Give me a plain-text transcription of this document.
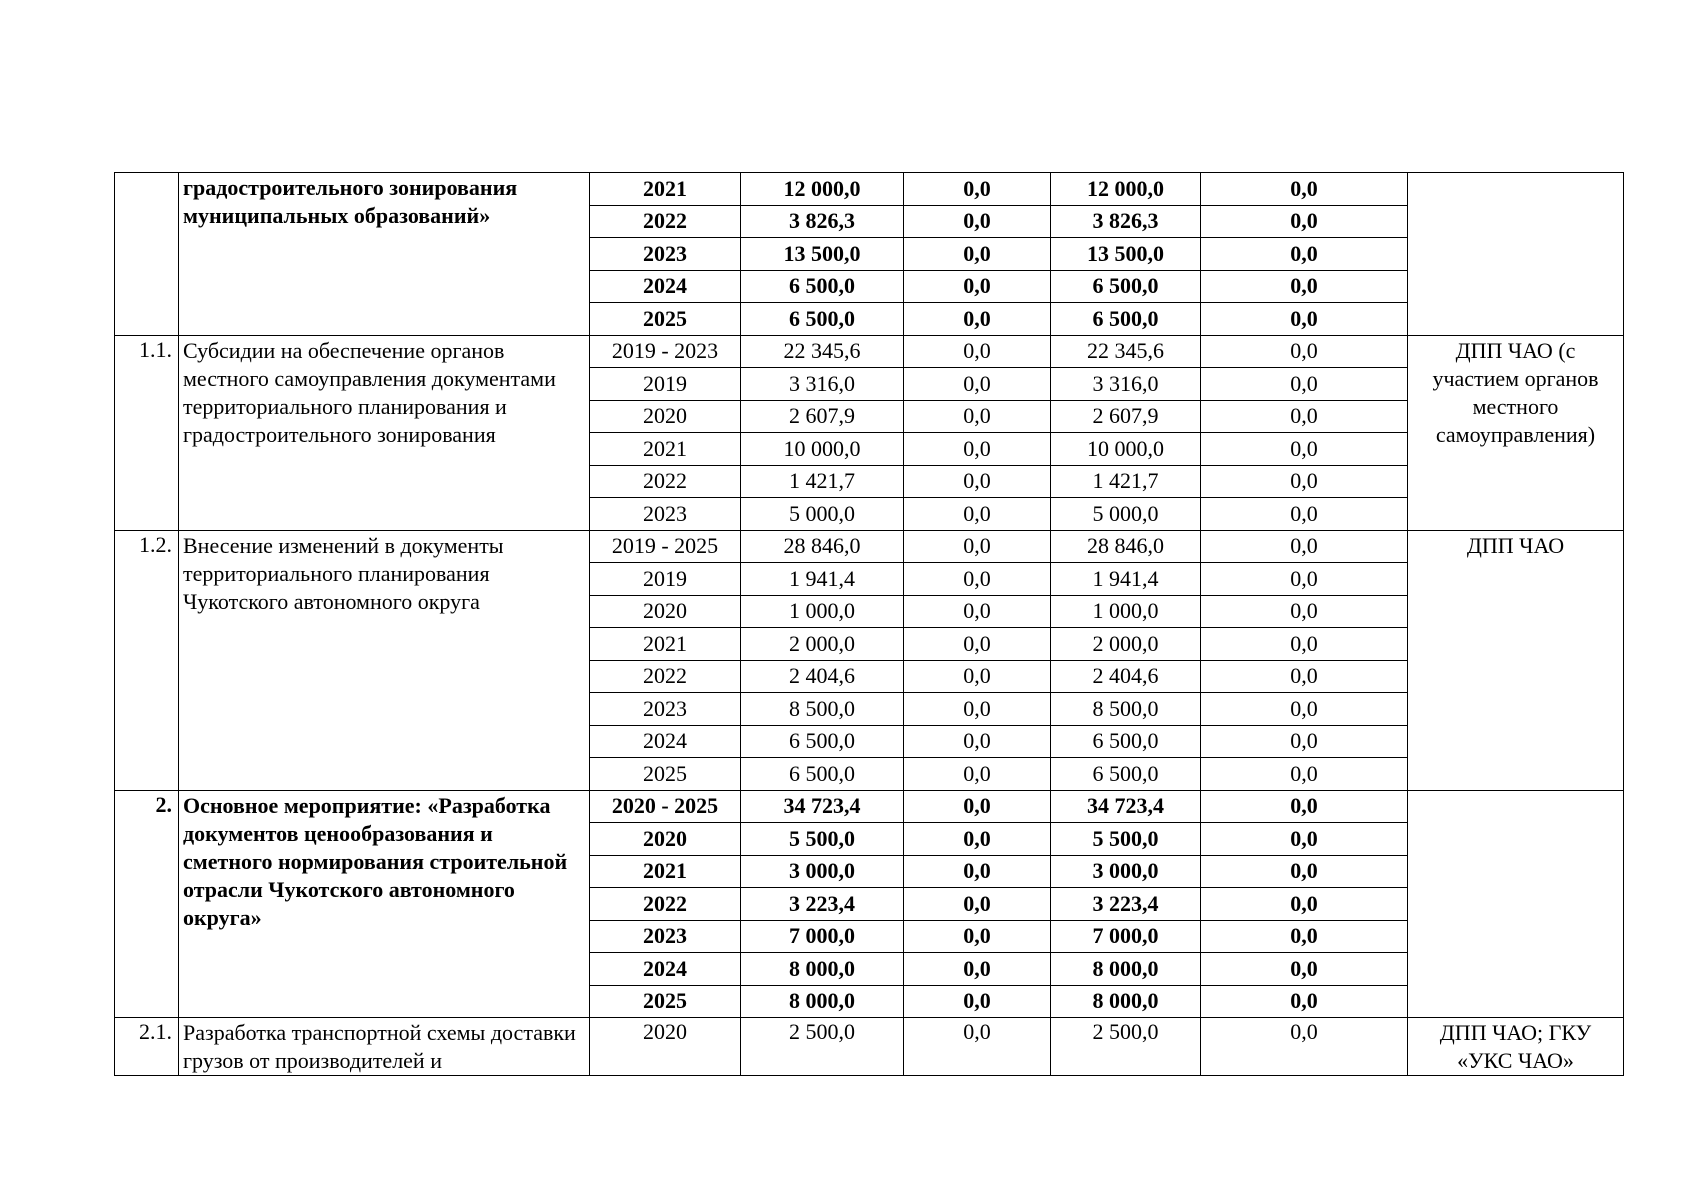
	градостроительного зонирования муниципальных образований»	2021	12 000,0	0,0	12 000,0	0,0	
		2022	3 826,3	0,0	3 826,3	0,0	
		2023	13 500,0	0,0	13 500,0	0,0	
		2024	6 500,0	0,0	6 500,0	0,0	
		2025	6 500,0	0,0	6 500,0	0,0	
1.1.	Субсидии на обеспечение органов местного самоуправления документами территориального планирования и градостроительного зонирования	2019 - 2023	22 345,6	0,0	22 345,6	0,0	ДПП ЧАО (с участием органов местного самоуправления)
		2019	3 316,0	0,0	3 316,0	0,0	
		2020	2 607,9	0,0	2 607,9	0,0	
		2021	10 000,0	0,0	10 000,0	0,0	
		2022	1 421,7	0,0	1 421,7	0,0	
		2023	5 000,0	0,0	5 000,0	0,0	
1.2.	Внесение изменений в документы территориального планирования Чукотского автономного округа	2019 - 2025	28 846,0	0,0	28 846,0	0,0	ДПП ЧАО
		2019	1 941,4	0,0	1 941,4	0,0	
		2020	1 000,0	0,0	1 000,0	0,0	
		2021	2 000,0	0,0	2 000,0	0,0	
		2022	2 404,6	0,0	2 404,6	0,0	
		2023	8 500,0	0,0	8 500,0	0,0	
		2024	6 500,0	0,0	6 500,0	0,0	
		2025	6 500,0	0,0	6 500,0	0,0	
2.	Основное мероприятие: «Разработка документов ценообразования и сметного нормирования строительной отрасли Чукотского автономного округа»	2020 - 2025	34 723,4	0,0	34 723,4	0,0	
		2020	5 500,0	0,0	5 500,0	0,0	
		2021	3 000,0	0,0	3 000,0	0,0	
		2022	3 223,4	0,0	3 223,4	0,0	
		2023	7 000,0	0,0	7 000,0	0,0	
		2024	8 000,0	0,0	8 000,0	0,0	
		2025	8 000,0	0,0	8 000,0	0,0	
2.1.	Разработка транспортной схемы доставки грузов от производителей и	2020	2 500,0	0,0	2 500,0	0,0	ДПП ЧАО; ГКУ «УКС ЧАО»
